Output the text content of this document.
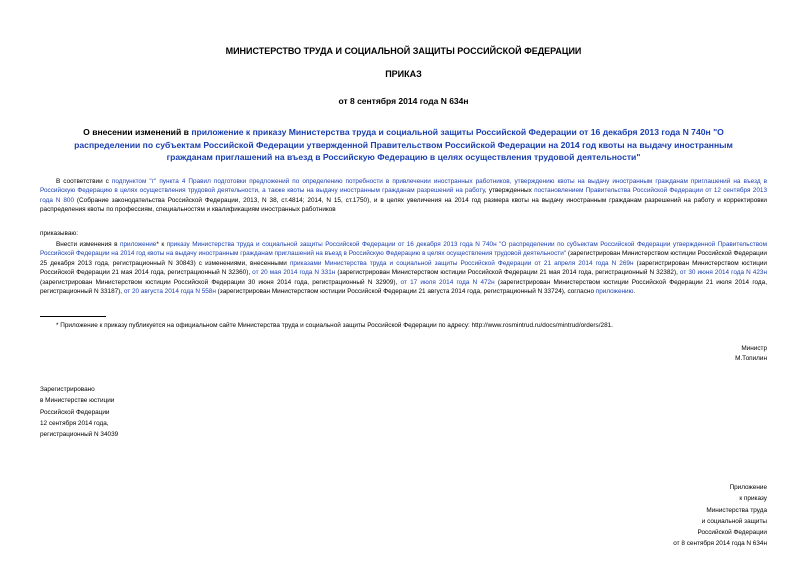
МИНИСТЕРСТВО ТРУДА И СОЦИАЛЬНОЙ ЗАЩИТЫ РОССИЙСКОЙ ФЕДЕРАЦИИ
ПРИКАЗ
от 8 сентября 2014 года N 634н
О внесении изменений в приложение к приказу Министерства труда и социальной защиты Российской Федерации от 16 декабря 2013 года N 740н "О распределении по субъектам Российской Федерации утвержденной Правительством Российской Федерации на 2014 год квоты на выдачу иностранным гражданам приглашений на въезд в Российскую Федерацию в целях осуществления трудовой деятельности"
В соответствии с подпунктом "г" пункта 4 Правил подготовки предложений по определению потребности в привлечении иностранных работников, утверждению квоты на выдачу иностранным гражданам приглашений на въезд в Российскую Федерацию в целях осуществления трудовой деятельности, а также квоты на выдачу иностранным гражданам разрешений на работу, утвержденных постановлением Правительства Российской Федерации от 12 сентября 2013 года N 800 (Собрание законодательства Российской Федерации, 2013, N 38, ст.4814; 2014, N 15, ст.1750), и в целях увеличения на 2014 год размера квоты на выдачу иностранным гражданам разрешений на работу и корректировки распределения квоты по профессиям, специальностям и квалификациям иностранных работников
приказываю:
Внести изменения в приложение* к приказу Министерства труда и социальной защиты Российской Федерации от 16 декабря 2013 года N 740н "О распределении по субъектам Российской Федерации утвержденной Правительством Российской Федерации на 2014 год квоты на выдачу иностранным гражданам приглашений на въезд в Российскую Федерацию в целях осуществления трудовой деятельности" (зарегистрирован Министерством юстиции Российской Федерации 25 декабря 2013 года, регистрационный N 30843) с изменениями, внесенными приказами Министерства труда и социальной защиты Российской Федерации от 21 апреля 2014 года N 269н (зарегистрирован Министерством юстиции Российской Федерации 21 мая 2014 года, регистрационный N 32360), от 20 мая 2014 года N 331н (зарегистрирован Министерством юстиции Российской Федерации 21 мая 2014 года, регистрационный N 32382), от 30 июня 2014 года N 423н (зарегистрирован Министерством юстиции Российской Федерации 30 июня 2014 года, регистрационный N 32909), от 17 июля 2014 года N 472н (зарегистрирован Министерством юстиции Российской Федерации 21 июля 2014 года, регистрационный N 33187), от 20 августа 2014 года N 558н (зарегистрирован Министерством юстиции Российской Федерации 21 августа 2014 года, регистрационный N 33724), согласно приложению.
* Приложение к приказу публикуется на официальном сайте Министерства труда и социальной защиты Российской Федерации по адресу: http://www.rosmintrud.ru/docs/mintrud/orders/281.
Министр
М.Топилин
Зарегистрировано
в Министерстве юстиции
Российской Федерации
12 сентября 2014 года,
регистрационный N 34039
Приложение
к приказу
Министерства труда
и социальной защиты
Российской Федерации
от 8 сентября 2014 года N 634н
